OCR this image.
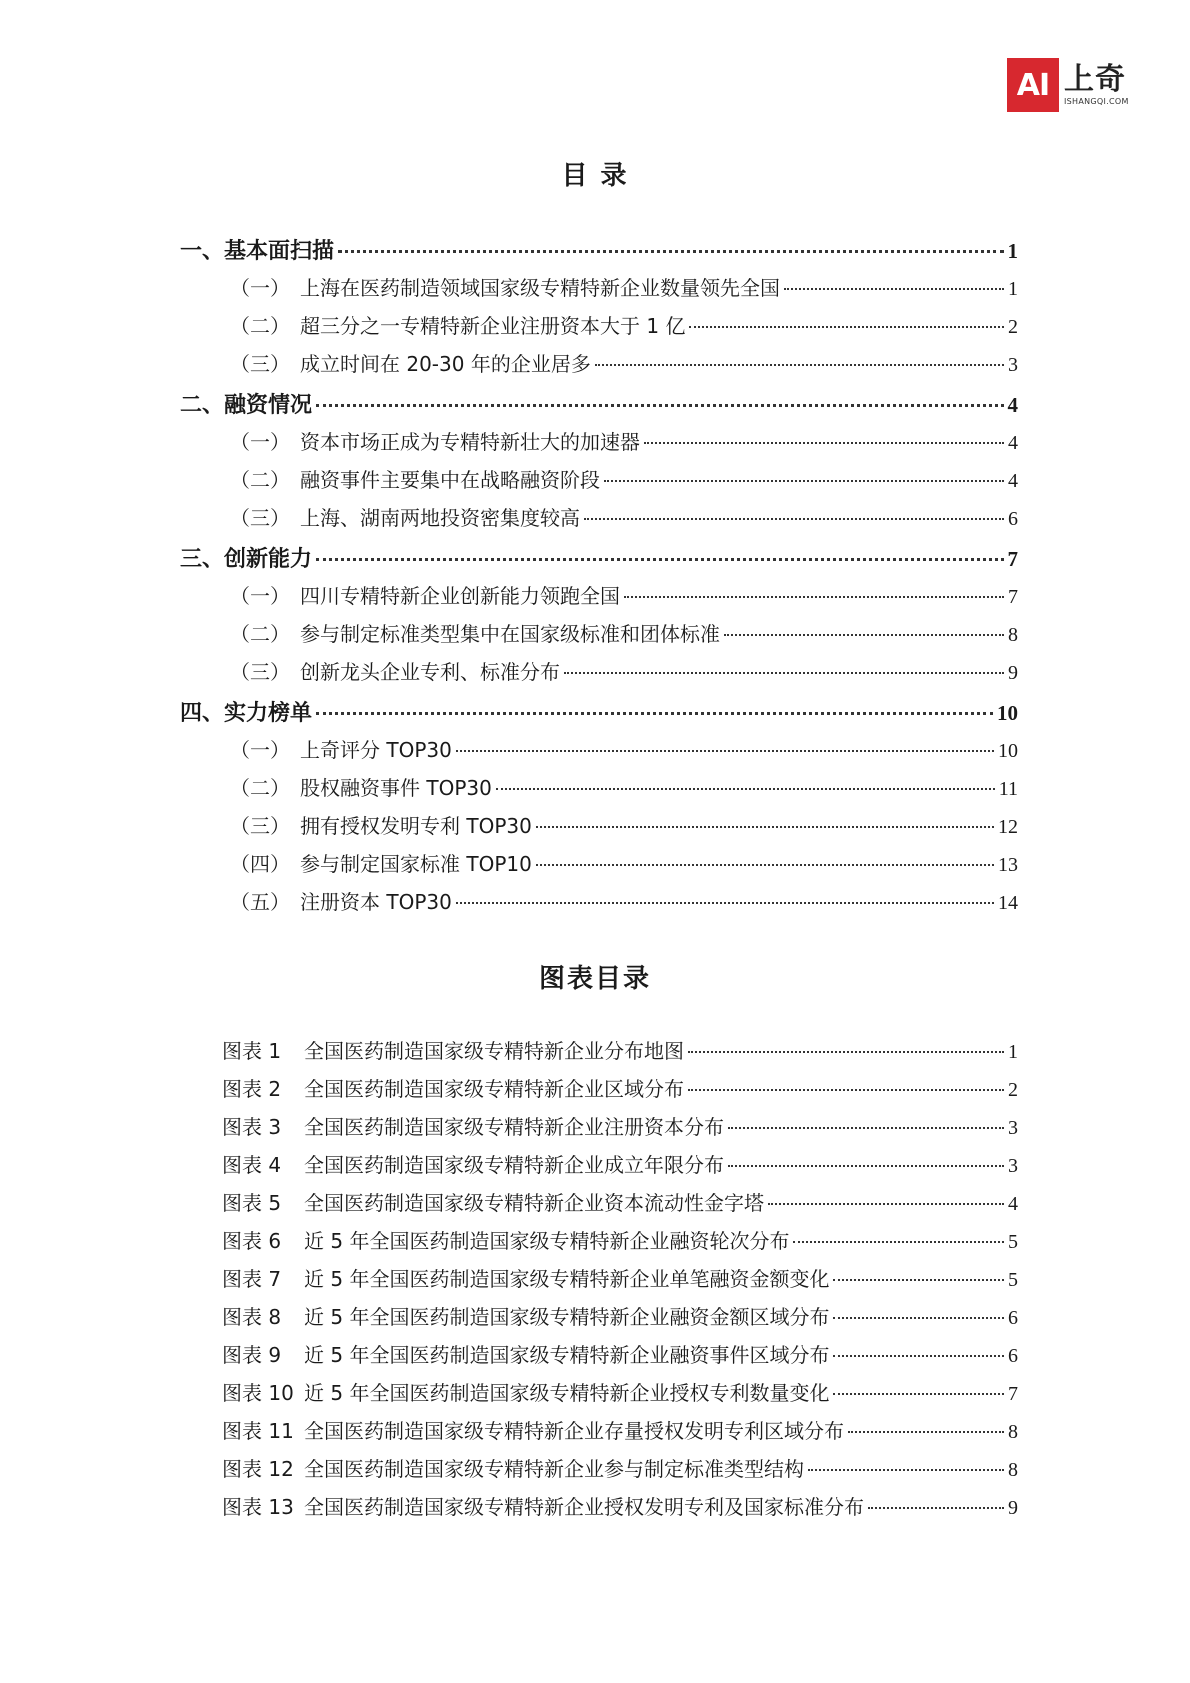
AI 上奇
ISHANGQI.COM
目 录
图表目录
一、基本面扫描	1
（一） 上海在医药制造领域国家级专精特新企业数量领先全国	1
（二） 超三分之一专精特新企业注册资本大于 1 亿	2
（三） 成立时间在 20-30 年的企业居多	3
二、融资情况	4
（一） 资本市场正成为专精特新壮大的加速器	4
（二） 融资事件主要集中在战略融资阶段	4
（三） 上海、湖南两地投资密集度较高	6
三、创新能力	7
（一） 四川专精特新企业创新能力领跑全国	7
（二） 参与制定标准类型集中在国家级标准和团体标准	8
（三） 创新龙头企业专利、标准分布	9
四、实力榜单	10
（一） 上奇评分 TOP30	10
（二） 股权融资事件 TOP30	11
（三） 拥有授权发明专利 TOP30	12
（四） 参与制定国家标准 TOP10	13
（五） 注册资本 TOP30	14
图表 1	全国医药制造国家级专精特新企业分布地图	1
图表 2	全国医药制造国家级专精特新企业区域分布	2
图表 3	全国医药制造国家级专精特新企业注册资本分布	3
图表 4	全国医药制造国家级专精特新企业成立年限分布	3
图表 5	全国医药制造国家级专精特新企业资本流动性金字塔	4
图表 6	近 5 年全国医药制造国家级专精特新企业融资轮次分布	5
图表 7	近 5 年全国医药制造国家级专精特新企业单笔融资金额变化	5
图表 8	近 5 年全国医药制造国家级专精特新企业融资金额区域分布	6
图表 9	近 5 年全国医药制造国家级专精特新企业融资事件区域分布	6
图表 10 近 5 年全国医药制造国家级专精特新企业授权专利数量变化	7
图表 11 全国医药制造国家级专精特新企业存量授权发明专利区域分布	8
图表 12 全国医药制造国家级专精特新企业参与制定标准类型结构	8
图表 13 全国医药制造国家级专精特新企业授权发明专利及国家标准分布	9
